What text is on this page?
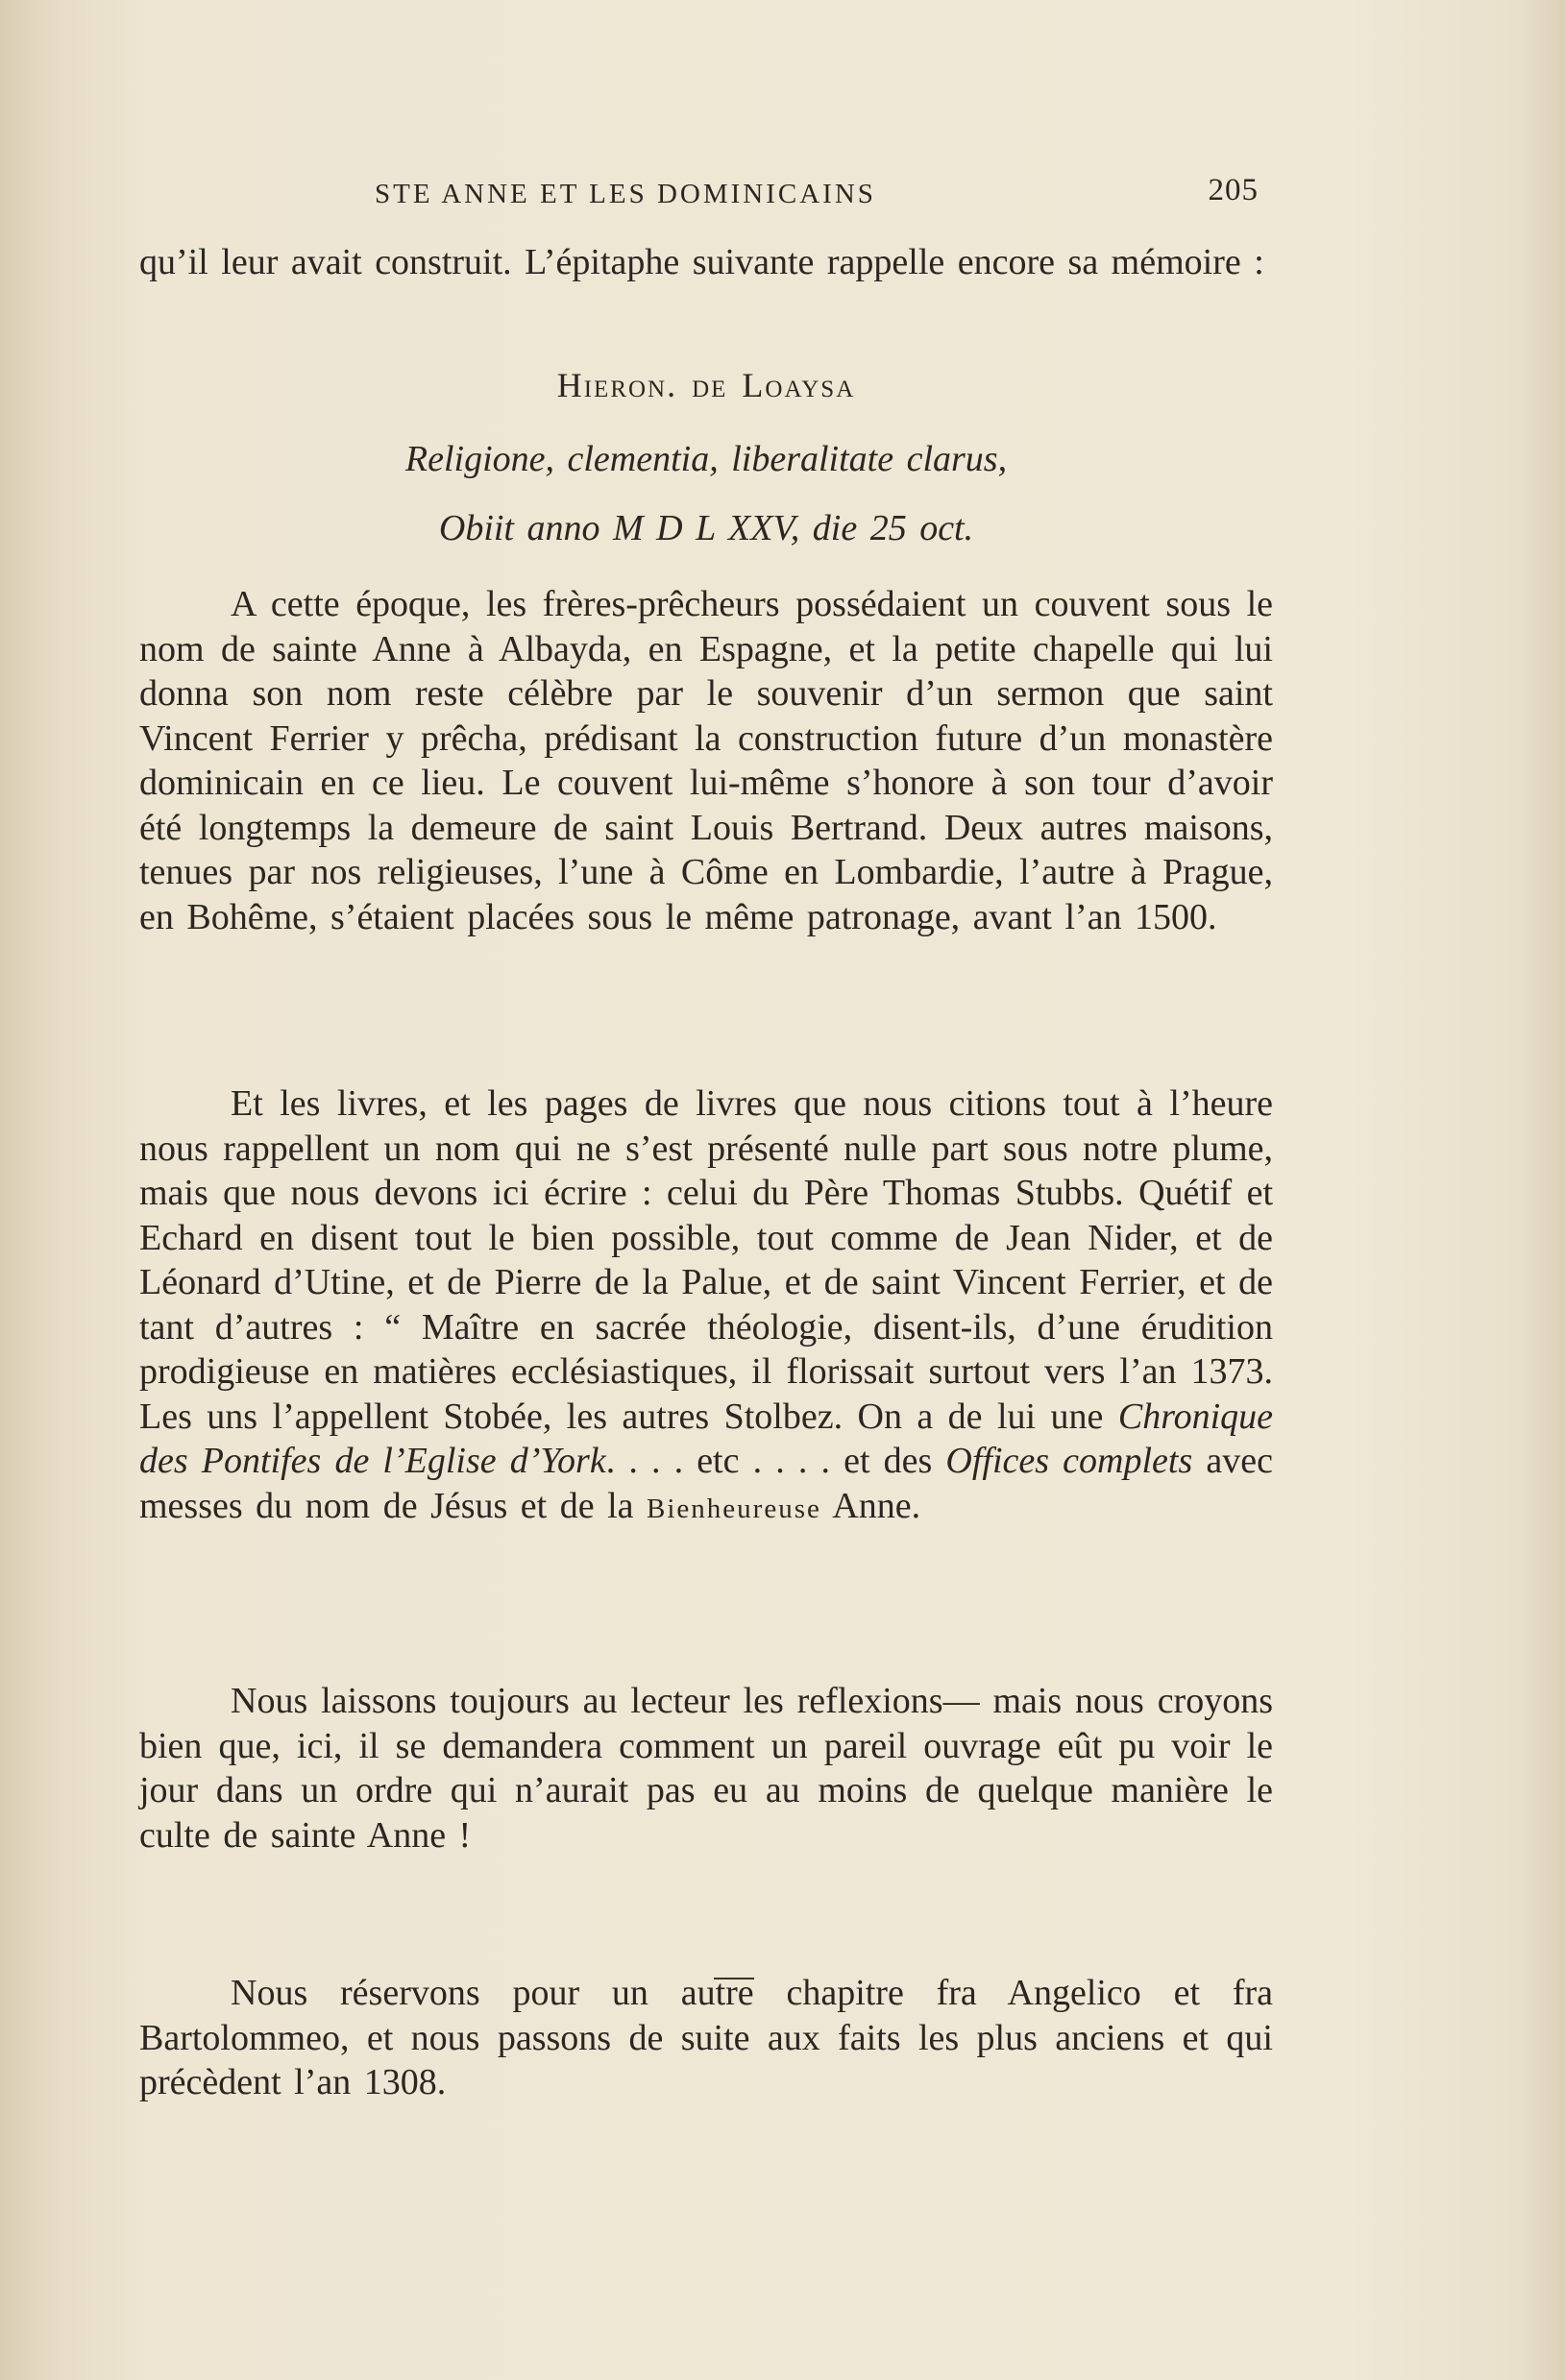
STE ANNE ET LES DOMINICAINS	205

qu’il leur avait construit. L’épitaphe suivante rappelle encore sa mémoire :

Hieron. de Loaysa
Religione, clementia, liberalitate clarus,
Obiit anno M D L XXV, die 25 oct.

A cette époque, les frères-prêcheurs possédaient un couvent sous le nom de sainte Anne à Albayda, en Espagne, et la petite chapelle qui lui donna son nom reste célèbre par le souvenir d’un sermon que saint Vincent Ferrier y prêcha, prédisant la construction future d’un monastère dominicain en ce lieu. Le couvent lui-même s’honore à son tour d’avoir été longtemps la demeure de saint Louis Bertrand. Deux autres maisons, tenues par nos religieuses, l’une à Côme en Lombardie, l’autre à Prague, en Bohême, s’étaient placées sous le même patronage, avant l’an 1500.

Et les livres, et les pages de livres que nous citions tout à l’heure nous rappellent un nom qui ne s’est présenté nulle part sous notre plume, mais que nous devons ici écrire : celui du Père Thomas Stubbs. Quétif et Echard en disent tout le bien possible, tout comme de Jean Nider, et de Léonard d’Utine, et de Pierre de la Palue, et de saint Vincent Ferrier, et de tant d’autres : “ Maître en sacrée théologie, disent-ils, d’une érudition prodigieuse en matières ecclésiastiques, il florissait surtout vers l’an 1373. Les uns l’appellent Stobée, les autres Stolbez. On a de lui une Chronique des Pontifes de l’Eglise d’York. . . . etc . . . . et des Offices complets avec messes du nom de Jésus et de la Bienheureuse Anne.

Nous laissons toujours au lecteur les reflexions— mais nous croyons bien que, ici, il se demandera comment un pareil ouvrage eût pu voir le jour dans un ordre qui n’aurait pas eu au moins de quelque manière le culte de sainte Anne !

Nous réservons pour un autre chapitre fra Angelico et fra Bartolommeo, et nous passons de suite aux faits les plus anciens et qui précèdent l’an 1308.
